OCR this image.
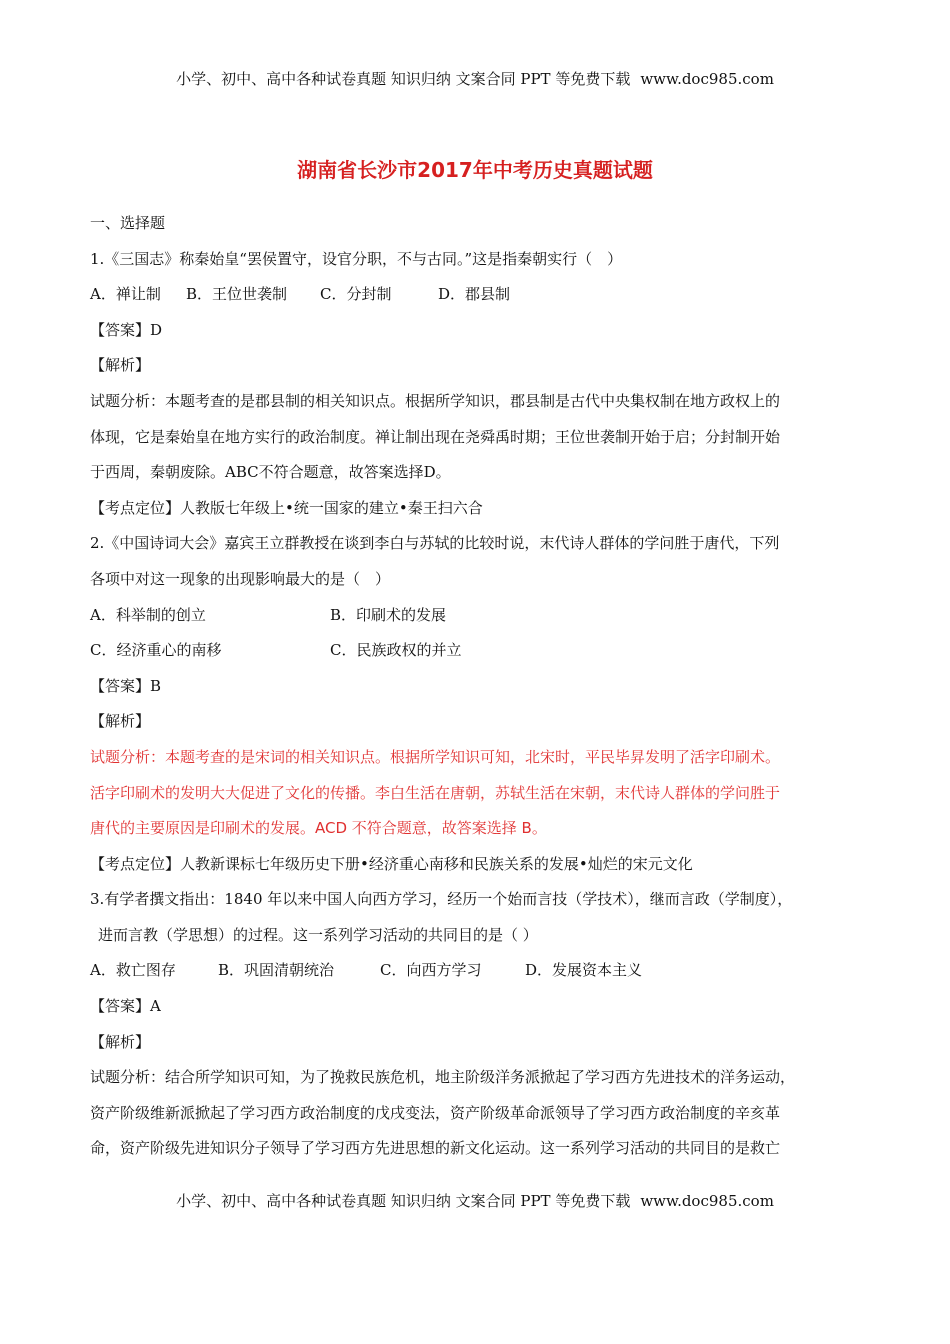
小学、初中、高中各种试卷真题 知识归纳 文案合同 PPT 等免费下载 www.doc985.com
湖南省长沙市2017年中考历史真题试题
一、选择题
1.《三国志》称秦始皇“罢侯置守，设官分职，不与古同。”这是指秦朝实行（　）
A．禅让制 B．王位世袭制 C．分封制	D．郡县制
【答案】D
【解析】
试题分析：本题考查的是郡县制的相关知识点。根据所学知识，郡县制是古代中央集权制在地方政权上的
体现，它是秦始皇在地方实行的政治制度。禅让制出现在尧舜禹时期；王位世袭制开始于启；分封制开始
于西周，秦朝废除。ABC不符合题意，故答案选择D。
【考点定位】人教版七年级上•统一国家的建立•秦王扫六合
2.《中国诗词大会》嘉宾王立群教授在谈到李白与苏轼的比较时说，末代诗人群体的学问胜于唐代，下列
各项中对这一现象的出现影响最大的是（　）
A．科举制的创立	B．印刷术的发展
C．经济重心的南移	C．民族政权的并立
【答案】B
【解析】
试题分析：本题考查的是宋词的相关知识点。根据所学知识可知，北宋时，平民毕昇发明了活字印刷术。
活字印刷术的发明大大促进了文化的传播。李白生活在唐朝，苏轼生活在宋朝，末代诗人群体的学问胜于
唐代的主要原因是印刷术的发展。ACD 不符合题意，故答案选择 B。
【考点定位】人教新课标七年级历史下册•经济重心南移和民族关系的发展•灿烂的宋元文化
3.有学者撰文指出：1840 年以来中国人向西方学习，经历一个始而言技（学技术），继而言政（学制度），
进而言教（学思想）的过程。这一系列学习活动的共同目的是（ ）
A．救亡图存	B．巩固清朝统治	C．向西方学习	D．发展资本主义
【答案】A
【解析】
试题分析：结合所学知识可知，为了挽救民族危机，地主阶级洋务派掀起了学习西方先进技术的洋务运动，
资产阶级维新派掀起了学习西方政治制度的戊戌变法，资产阶级革命派领导了学习西方政治制度的辛亥革
命，资产阶级先进知识分子领导了学习西方先进思想的新文化运动。这一系列学习活动的共同目的是救亡
小学、初中、高中各种试卷真题 知识归纳 文案合同 PPT 等免费下载 www.doc985.com
